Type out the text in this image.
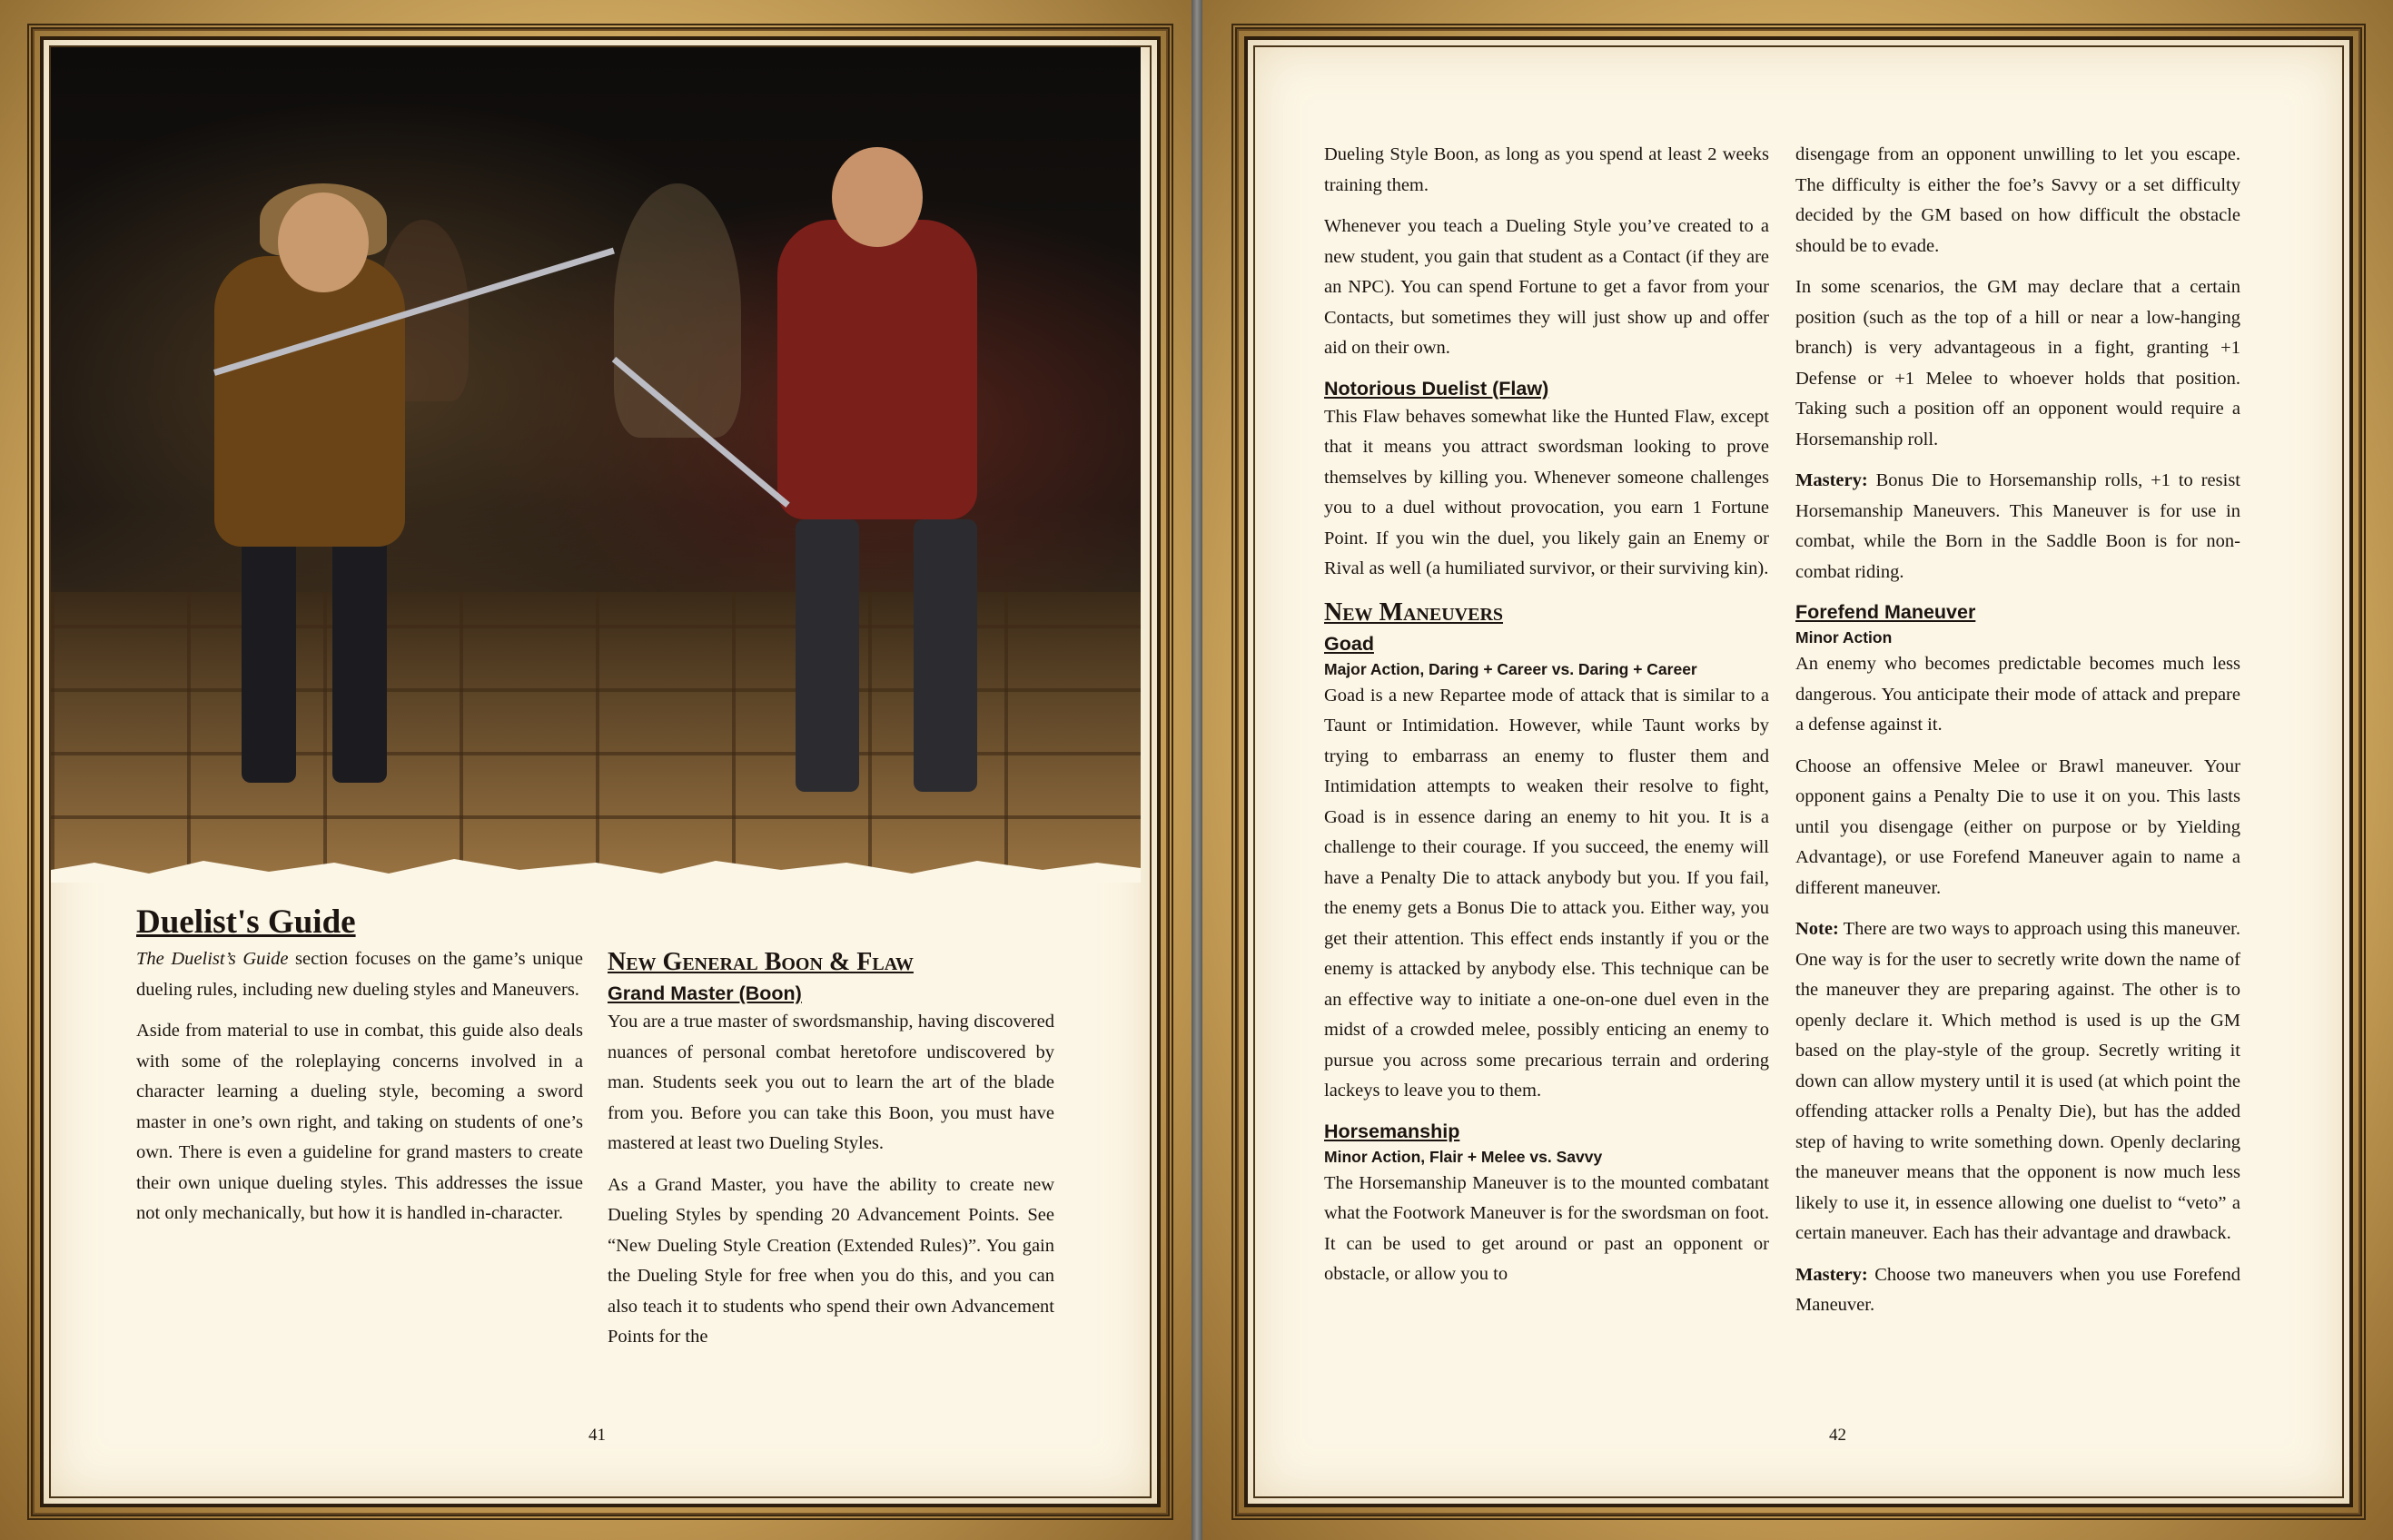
Duelist's Guide

The Duelist’s Guide section focuses on the game’s unique dueling rules, including new dueling styles and Maneuvers.

Aside from material to use in combat, this guide also deals with some of the roleplaying concerns involved in a character learning a dueling style, becoming a sword master in one’s own right, and taking on students of one’s own. There is even a guideline for grand masters to create their own unique dueling styles. This addresses the issue not only mechanically, but how it is handled in-character.

New General Boon & Flaw
Grand Master (Boon)

You are a true master of swordsmanship, having discovered nuances of personal combat heretofore undiscovered by man. Students seek you out to learn the art of the blade from you. Before you can take this Boon, you must have mastered at least two Dueling Styles.

As a Grand Master, you have the ability to create new Dueling Styles by spending 20 Advancement Points. See “New Dueling Style Creation (Extended Rules)”. You gain the Dueling Style for free when you do this, and you can also teach it to students who spend their own Advancement Points for the

41

Dueling Style Boon, as long as you spend at least 2 weeks training them.

Whenever you teach a Dueling Style you’ve created to a new student, you gain that student as a Contact (if they are an NPC). You can spend Fortune to get a favor from your Contacts, but sometimes they will just show up and offer aid on their own.

Notorious Duelist (Flaw)

This Flaw behaves somewhat like the Hunted Flaw, except that it means you attract swordsman looking to prove themselves by killing you. Whenever someone challenges you to a duel without provocation, you earn 1 Fortune Point. If you win the duel, you likely gain an Enemy or Rival as well (a humiliated survivor, or their surviving kin).

New Maneuvers
Goad
Major Action, Daring + Career vs. Daring + Career

Goad is a new Repartee mode of attack that is similar to a Taunt or Intimidation. However, while Taunt works by trying to embarrass an enemy to fluster them and Intimidation attempts to weaken their resolve to fight, Goad is in essence daring an enemy to hit you. It is a challenge to their courage. If you succeed, the enemy will have a Penalty Die to attack anybody but you. If you fail, the enemy gets a Bonus Die to attack you. Either way, you get their attention. This effect ends instantly if you or the enemy is attacked by anybody else. This technique can be an effective way to initiate a one-on-one duel even in the midst of a crowded melee, possibly enticing an enemy to pursue you across some precarious terrain and ordering lackeys to leave you to them.

Horsemanship
Minor Action, Flair + Melee vs. Savvy

The Horsemanship Maneuver is to the mounted combatant what the Footwork Maneuver is for the swordsman on foot. It can be used to get around or past an opponent or obstacle, or allow you to

disengage from an opponent unwilling to let you escape. The difficulty is either the foe’s Savvy or a set difficulty decided by the GM based on how difficult the obstacle should be to evade.

In some scenarios, the GM may declare that a certain position (such as the top of a hill or near a low-hanging branch) is very advantageous in a fight, granting +1 Defense or +1 Melee to whoever holds that position. Taking such a position off an opponent would require a Horsemanship roll.

Mastery: Bonus Die to Horsemanship rolls, +1 to resist Horsemanship Maneuvers. This Maneuver is for use in combat, while the Born in the Saddle Boon is for non-combat riding.

Forefend Maneuver
Minor Action

An enemy who becomes predictable becomes much less dangerous. You anticipate their mode of attack and prepare a defense against it.

Choose an offensive Melee or Brawl maneuver. Your opponent gains a Penalty Die to use it on you. This lasts until you disengage (either on purpose or by Yielding Advantage), or use Forefend Maneuver again to name a different maneuver.

Note: There are two ways to approach using this maneuver. One way is for the user to secretly write down the name of the maneuver they are preparing against. The other is to openly declare it. Which method is used is up the GM based on the play-style of the group. Secretly writing it down can allow mystery until it is used (at which point the offending attacker rolls a Penalty Die), but has the added step of having to write something down. Openly declaring the maneuver means that the opponent is now much less likely to use it, in essence allowing one duelist to “veto” a certain maneuver. Each has their advantage and drawback.

Mastery: Choose two maneuvers when you use Forefend Maneuver.

42
